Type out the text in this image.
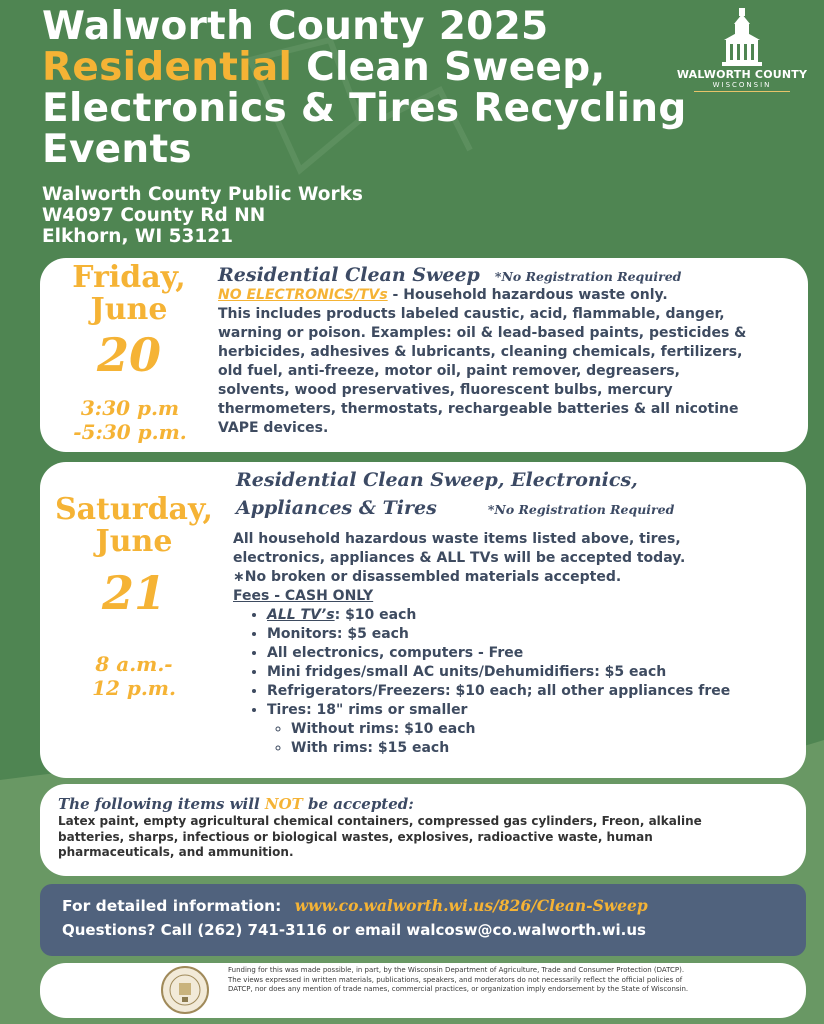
Walworth County 2025
Residential Clean Sweep,
Electronics & Tires Recycling
Events
Walworth County Public Works
W4097 County Rd NN
Elkhorn, WI 53121
WALWORTH COUNTY
WISCONSIN
Friday,
June
20
3:30 p.m
-5:30 p.m.
Residential Clean Sweep *No Registration Required
NO ELECTRONICS/TVs - Household hazardous waste only.
This includes products labeled caustic, acid, flammable, danger,
warning or poison. Examples: oil & lead-based paints, pesticides &
herbicides, adhesives & lubricants, cleaning chemicals, fertilizers,
old fuel, anti-freeze, motor oil, paint remover, degreasers,
solvents, wood preservatives, fluorescent bulbs, mercury
thermometers, thermostats, rechargeable batteries & all nicotine
VAPE devices.
Saturday,
June
21
8 a.m.-
12 p.m.
Residential Clean Sweep, Electronics,
Appliances & Tires	*No Registration Required
All household hazardous waste items listed above, tires,
electronics, appliances & ALL TVs will be accepted today.
∗No broken or disassembled materials accepted.
Fees - CASH ONLY
• ALL TV’s: $10 each
• Monitors: $5 each
• All electronics, computers - Free
• Mini fridges/small AC units/Dehumidifiers: $5 each
• Refrigerators/Freezers: $10 each; all other appliances free
• Tires: 18" rims or smaller
◦ Without rims: $10 each
◦ With rims: $15 each
The following items will NOT be accepted:
Latex paint, empty agricultural chemical containers, compressed gas cylinders, Freon, alkaline
batteries, sharps, infectious or biological wastes, explosives, radioactive waste, human
pharmaceuticals, and ammunition.
For detailed information: www.co.walworth.wi.us/826/Clean-Sweep
Questions? Call (262) 741-3116 or email walcosw@co.walworth.wi.us
Funding for this was made possible, in part, by the Wisconsin Department of Agriculture, Trade and Consumer Protection (DATCP). The views expressed in written materials, publications, speakers, and moderators do not necessarily reflect the official policies of DATCP, nor does any mention of trade names, commercial practices, or organization imply endorsement by the State of Wisconsin.
